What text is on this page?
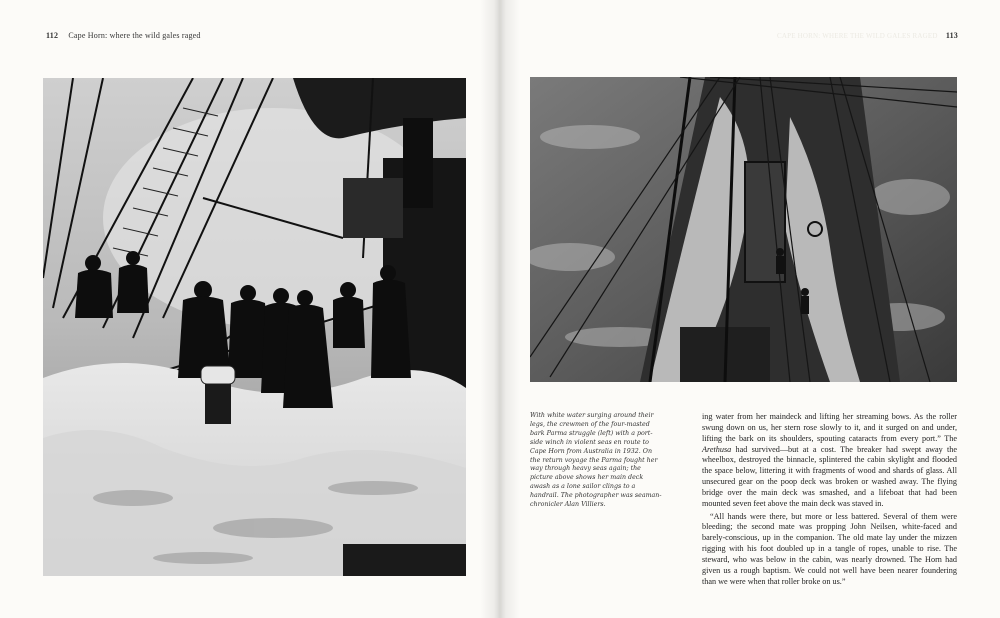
112 Cape Horn: where the wild gales raged	CAPE HORN: WHERE THE WILD GALES RAGED 113

With white water surging around their legs, the crewmen of the four-masted bark Parma struggle (left) with a port-side winch in violent seas en route to Cape Horn from Australia in 1932. On the return voyage the Parma fought her way through heavy seas again; the picture above shows her main deck awash as a lone sailor clings to a handrail. The photographer was seaman-chronicler Alan Villiers.

ing water from her maindeck and lifting her streaming bows. As the roller swung down on us, her stern rose slowly to it, and it surged on and under, lifting the bark on its shoulders, spouting cataracts from every port.” The Arethusa had survived—but at a cost. The breaker had swept away the wheelbox, destroyed the binnacle, splintered the cabin skylight and flooded the space below, littering it with fragments of wood and shards of glass. All unsecured gear on the poop deck was broken or washed away. The flying bridge over the main deck was smashed, and a lifeboat that had been mounted seven feet above the main deck was staved in.

“All hands were there, but more or less battered. Several of them were bleeding; the second mate was propping John Neilsen, white-faced and barely-conscious, up in the companion. The old mate lay under the mizzen rigging with his foot doubled up in a tangle of ropes, unable to rise. The steward, who was below in the cabin, was nearly drowned. The Horn had given us a rough baptism. We could not well have been nearer foundering than we were when that roller broke on us.”
